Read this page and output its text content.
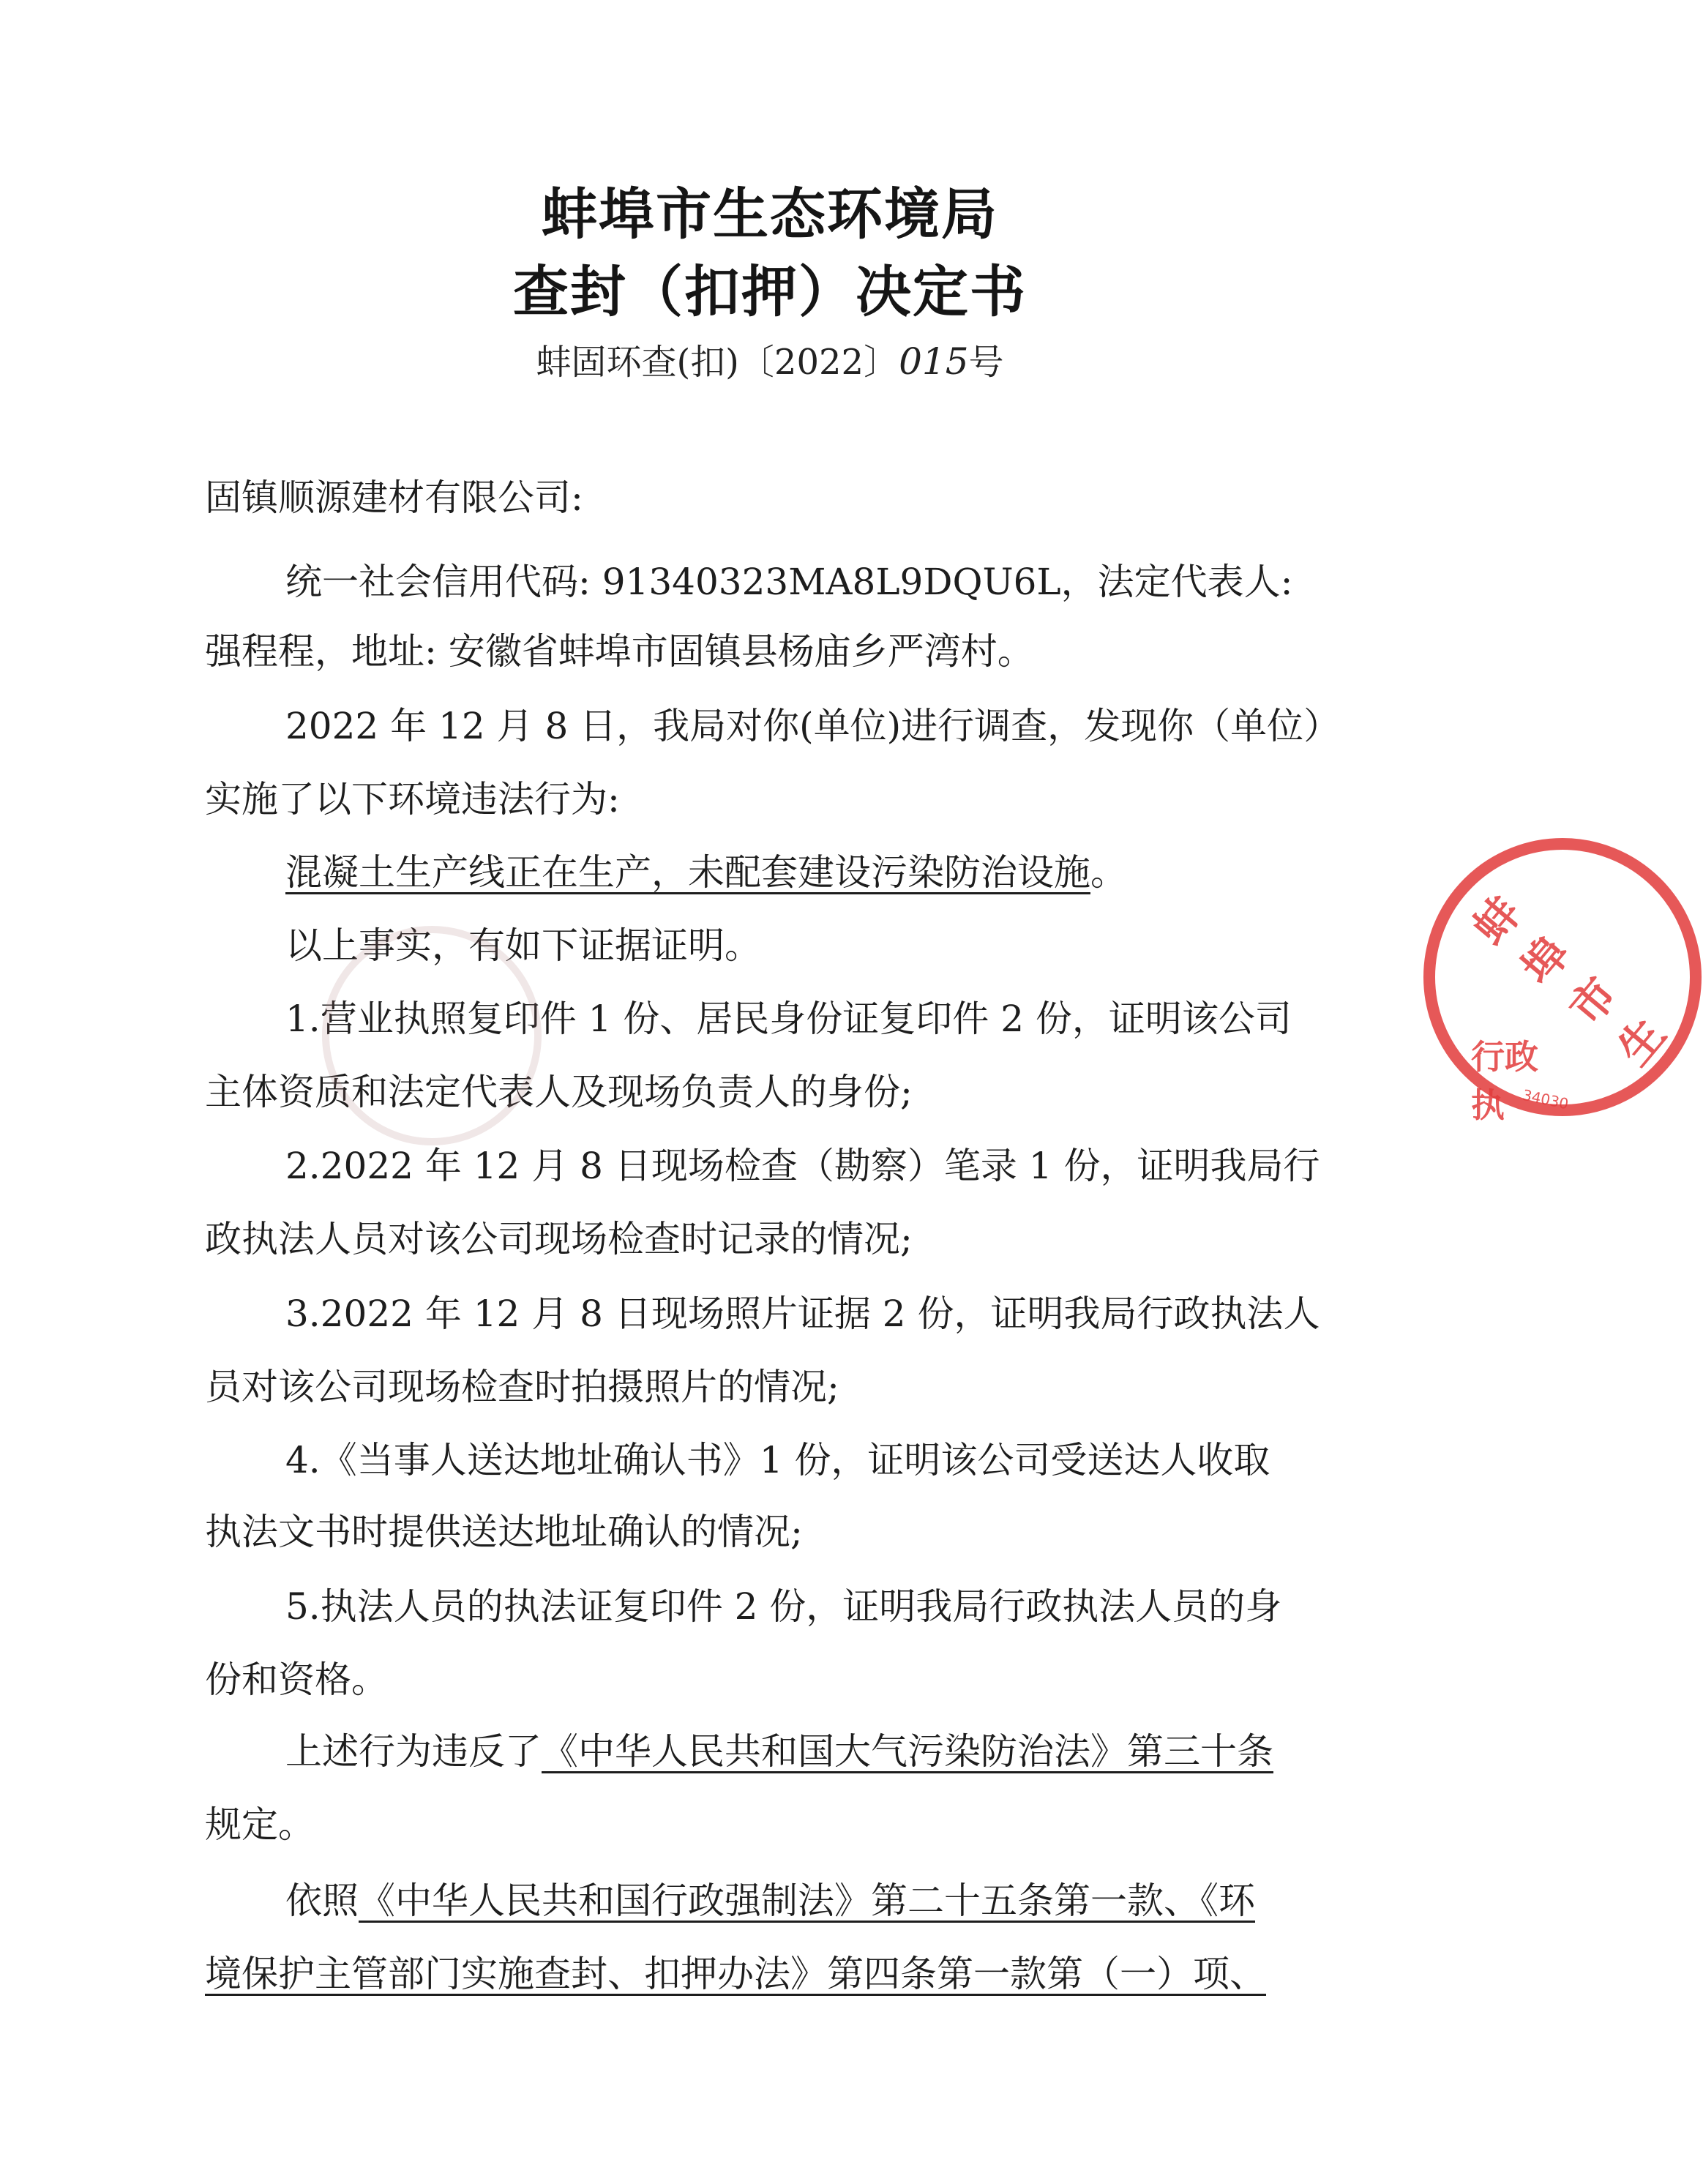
蚌埠市生态环境局
查封（扣押）决定书
蚌固环查(扣)〔2022〕015号
固镇顺源建材有限公司:
统一社会信用代码: 91340323MA8L9DQU6L，法定代表人:
强程程，地址: 安徽省蚌埠市固镇县杨庙乡严湾村。
2022 年 12 月 8 日，我局对你(单位)进行调查，发现你（单位）
实施了以下环境违法行为:
混凝土生产线正在生产，未配套建设污染防治设施。
以上事实，有如下证据证明。
1.营业执照复印件 1 份、居民身份证复印件 2 份，证明该公司
主体资质和法定代表人及现场负责人的身份;
2.2022 年 12 月 8 日现场检查（勘察）笔录 1 份，证明我局行
政执法人员对该公司现场检查时记录的情况;
3.2022 年 12 月 8 日现场照片证据 2 份，证明我局行政执法人
员对该公司现场检查时拍摄照片的情况;
4.《当事人送达地址确认书》1 份，证明该公司受送达人收取
执法文书时提供送达地址确认的情况;
5.执法人员的执法证复印件 2 份，证明我局行政执法人员的身
份和资格。
上述行为违反了《中华人民共和国大气污染防治法》第三十条
规定。
依照《中华人民共和国行政强制法》第二十五条第一款、《环
境保护主管部门实施查封、扣押办法》第四条第一款第（一）项、
蚌埠市生
行政执	34030
